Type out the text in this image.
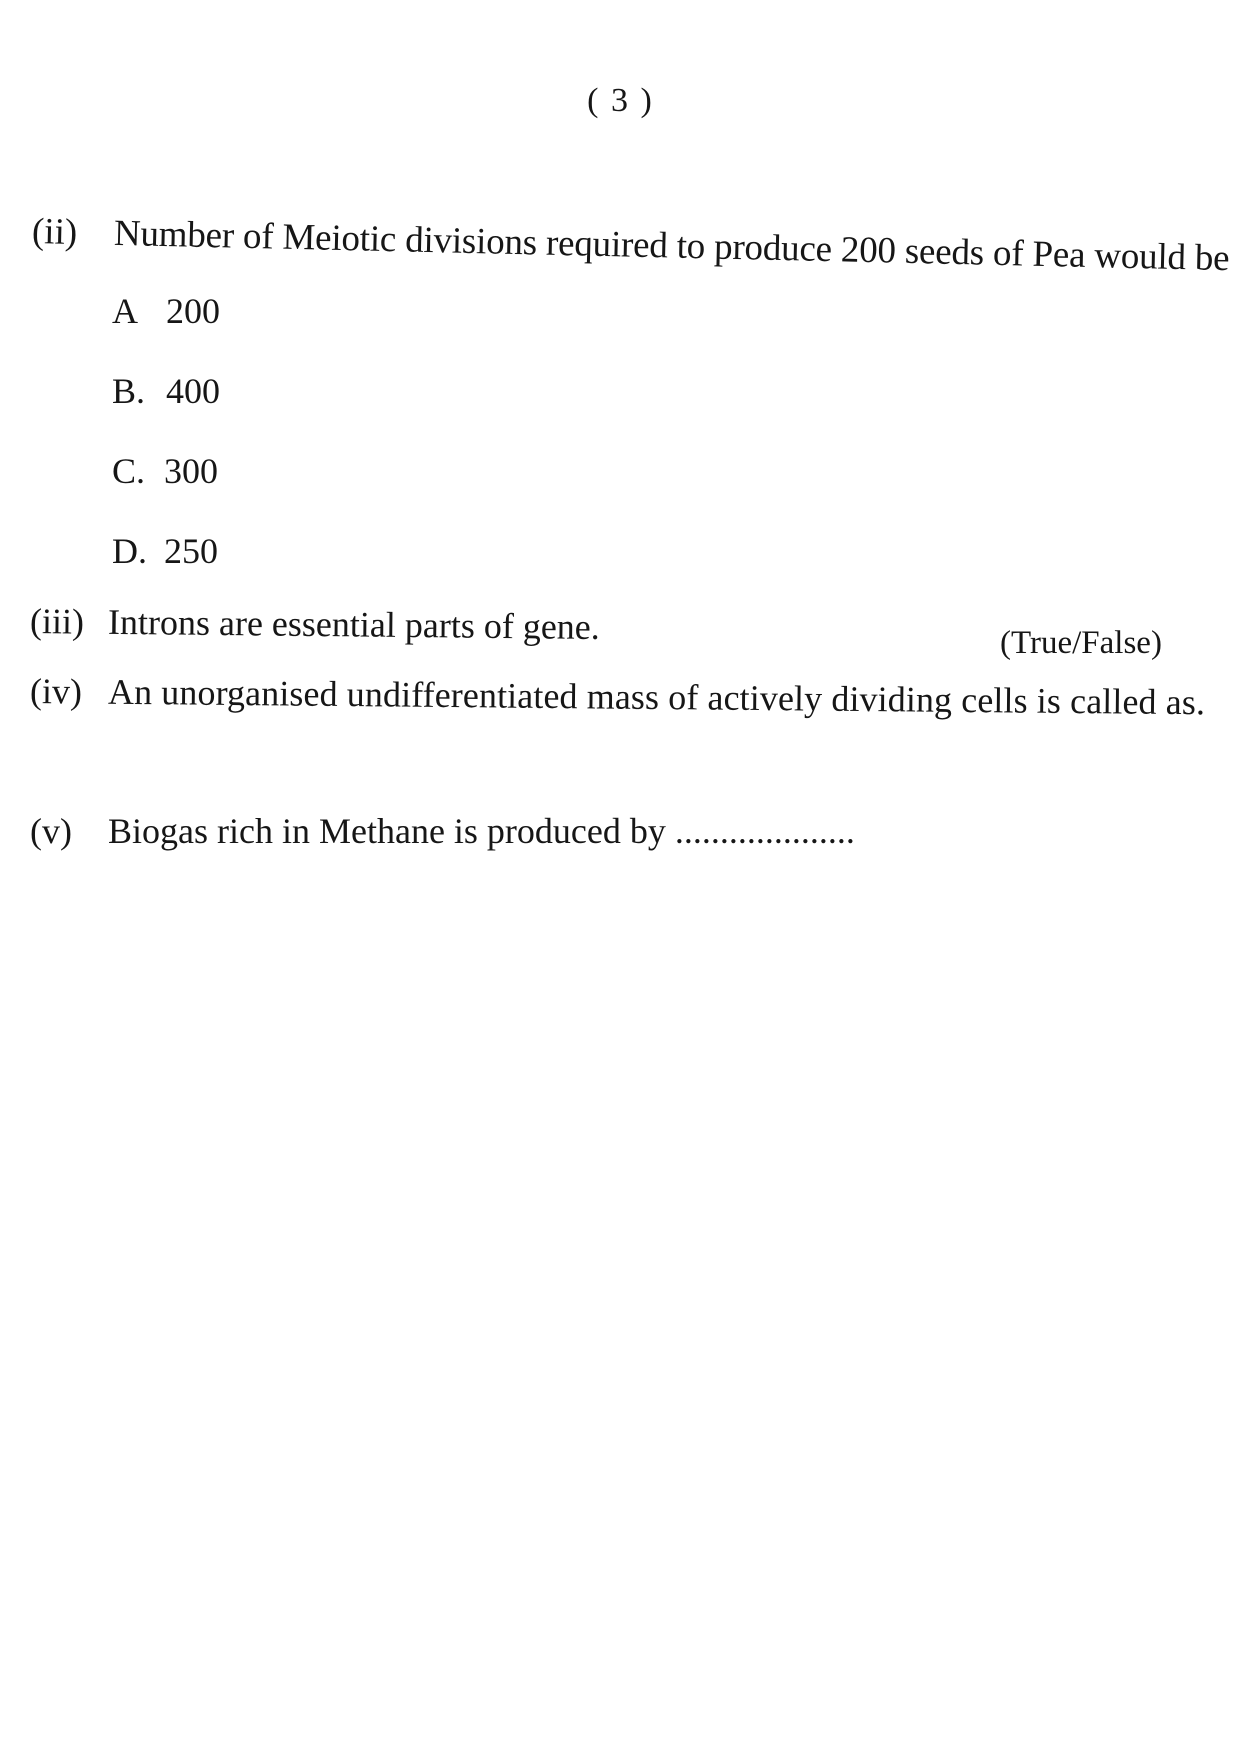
( 3 )
(ii) Number of Meiotic divisions required to produce 200 seeds of Pea would be
A 200
B. 400
C. 300
D. 250
(iii) Introns are essential parts of gene.	(True/False)
(iv) An unorganised undifferentiated mass of actively dividing cells is called as.
(v) Biogas rich in Methane is produced by ....................
